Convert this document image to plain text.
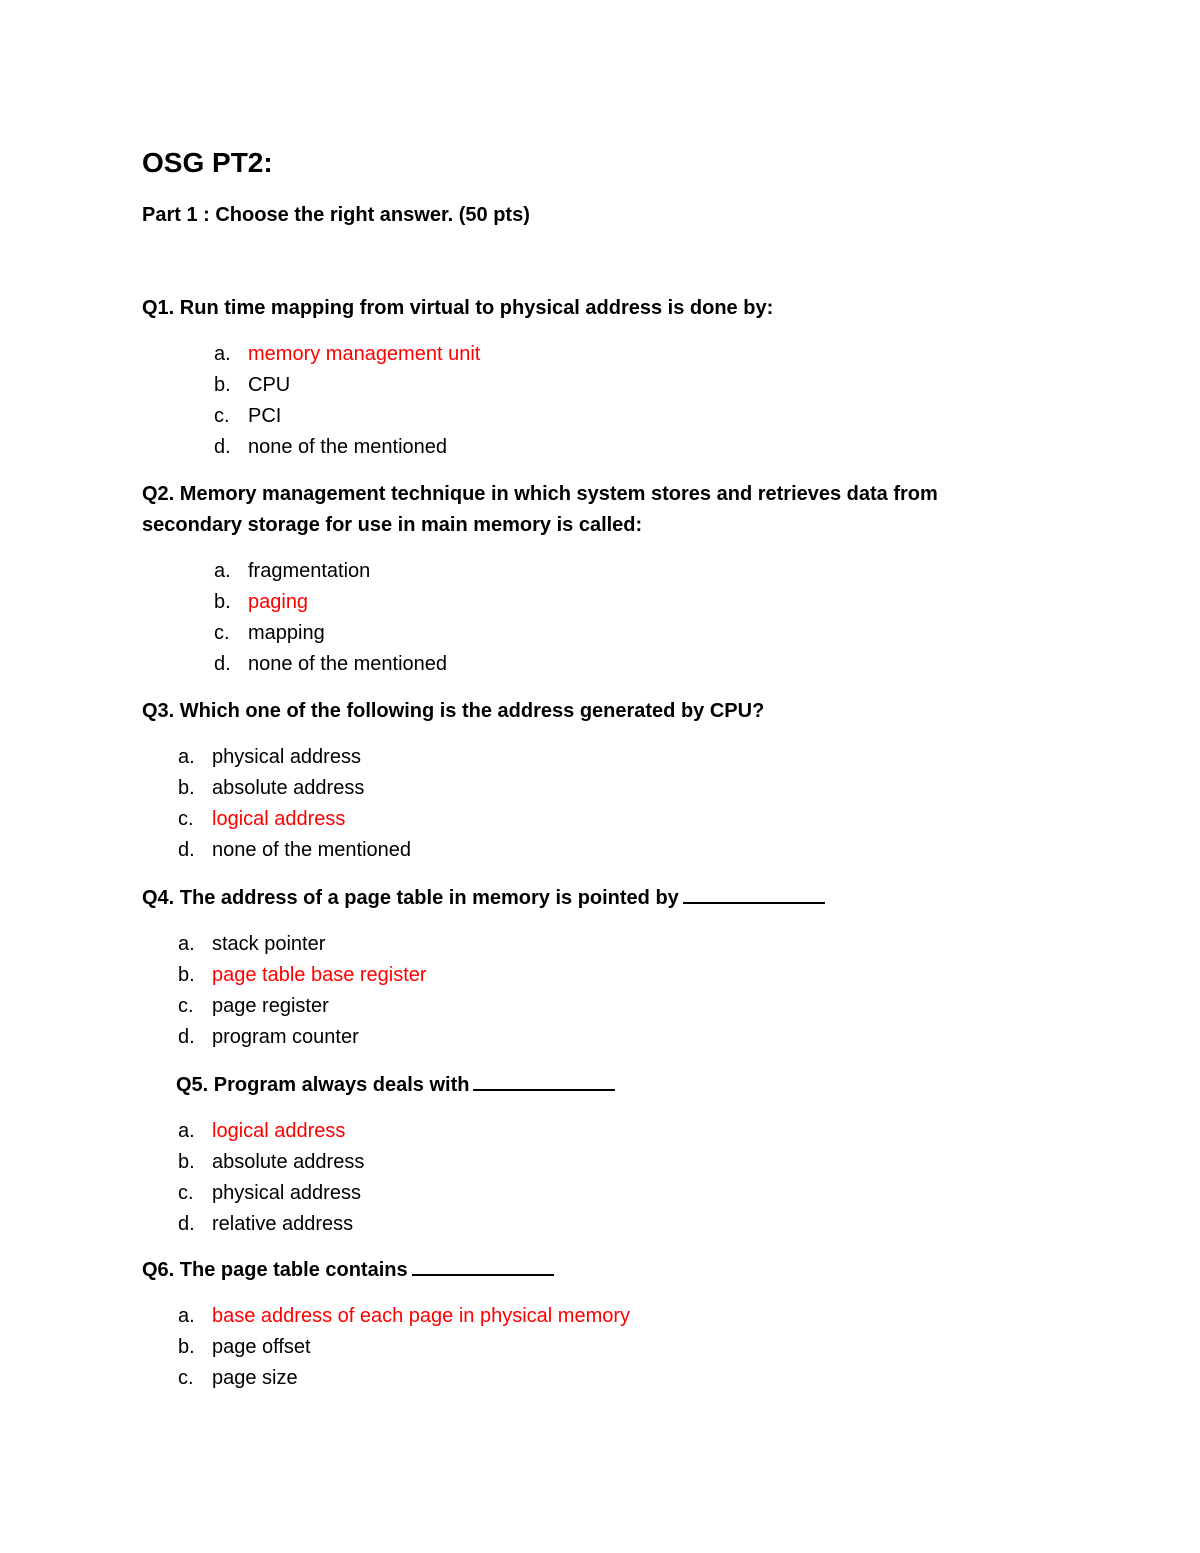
OSG PT2:

Part 1 : Choose the right answer. (50 pts)

Q1. Run time mapping from virtual to physical address is done by:

a. memory management unit
b. CPU
c. PCI
d. none of the mentioned

Q2. Memory management technique in which system stores and retrieves data from secondary storage for use in main memory is called:

a. fragmentation
b. paging
c. mapping
d. none of the mentioned

Q3. Which one of the following is the address generated by CPU?

a. physical address
b. absolute address
c. logical address
d. none of the mentioned

Q4. The address of a page table in memory is pointed by

a. stack pointer
b. page table base register
c. page register
d. program counter

Q5. Program always deals with

a. logical address
b. absolute address
c. physical address
d. relative address

Q6. The page table contains

a. base address of each page in physical memory
b. page offset
c. page size
